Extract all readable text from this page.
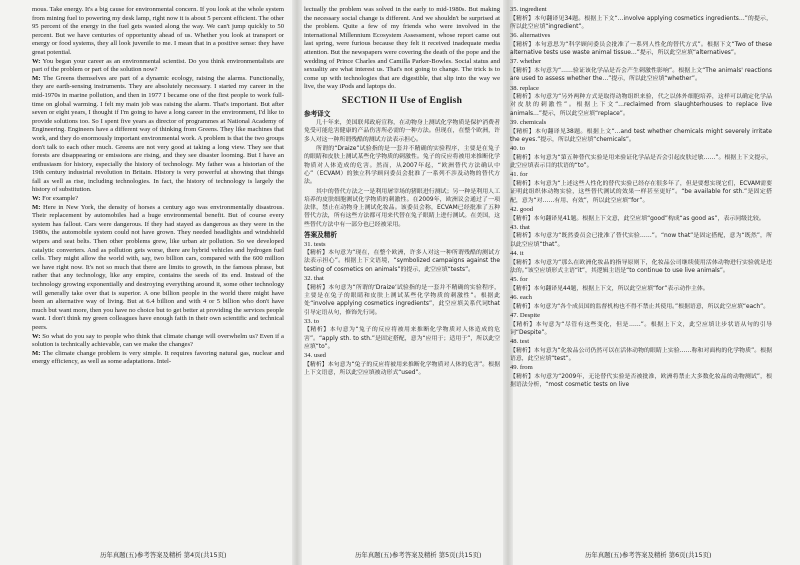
mous. Take energy. It's a big cause for environmental concern. If you look at the whole system from mining fuel to powering my desk lamp, right now it is about 5 percent efficient. The other 95 percent of the energy in the fuel gets wasted along the way. We can't jump quickly to 50 percent. But we have centuries of opportunity ahead of us. Whether you look at transport or energy or food systems, they all look juvenile to me. I mean that in a positive sense: they have great potential.

W: You began your career as an environmental scientist. Do you think environmentalists are part of the problem or part of the solution now?

M: The Greens themselves are part of a dynamic ecology, raising the alarms. Functionally, they are earth-sensing instruments. They are absolutely necessary. I started my career in the mid-1970s in marine pollution, and then in 1977 I became one of the first people to work full-time on global warming. I felt my main job was raising the alarm. That's important. But after seven or eight years, I thought if I'm going to have a long career in the environment, I'd like to provide solutions too. So I spent five years as director of programmes at National Academy of Engineering. Engineers have a different way of thinking from Greens. They like machines that work, and they do enormously important environmental work. A problem is that the two groups don't talk to each other much. Greens are not very good at taking a long view. They see that forests are disappearing or emissions are rising, and they see disaster looming. But I have an enthusiasm for history, especially the history of technology. My father was a historian of the 19th century industrial revolution in Britain. History is very powerful at showing that things fall as well as rise, including technologies. In fact, the history of technology is largely the history of substitution.

W: For example?

M: Here in New York, the density of horses a century ago was environmentally disastrous. Their replacement by automobiles had a huge environmental benefit. But of course every system has fallout. Cars were dangerous. If they had stayed as dangerous as they were in the 1980s, the automobile system could not have grown. They needed headlights and windshield wipers and seat belts. Then other problems grew, like urban air pollution. So we developed catalytic converters. And as pollution gets worse, there are hybrid vehicles and hydrogen fuel cells. They might allow the world with, say, two billion cars, compared with the 600 million we have right now. It's not so much that there are limits to growth, in the famous phrase, but rather that any technology, like any empire, contains the seeds of its end. Instead of the technology growing exponentially and destroying everything around it, some other technology will generally take over that is superior. A one billion people in the world there might have been an alternative way of living. But at 6.4 billion and with 4 or 5 billion who don't have much but want more, then you have no choice but to get better at providing the services people want. I don't think my green colleagues have enough faith in their own scientific and technical peers.

W: So what do you say to people who think that climate change will overwhelm us? Even if a solution is technically achievable, can we make the changes?

M: The climate change problem is very simple. It requires favoring natural gas, nuclear and energy efficiency, as well as some adaptations. Intel-

lectually the problem was solved in the early to mid-1980s. But making the necessary social change is different. And we shouldn't be surprised at the problem. Quite a few of my friends who were involved in the international Millennium Ecosystem Assessment, whose report came out last spring, were furious because they felt it received inadequate media attention. But the newspapers were covering the death of the pope and the wedding of Prince Charles and Camilla Parker-Bowles. Social status and sexuality are what interest us. That's not going to change. The trick is to come up with technologies that are digestible, that slip into the way we live, the way iPods and laptops do.

SECTION II Use of English
参考译文

几十年来，美国联邦政府宣称，在动物身上测试化学物质是保护消费者免受可能危害健康的产品伤害所必需的一种方法。但现在，在整个欧洲，许多人对这一种所谓残酷的测试方法表示担心。

所谓的“Draize”试验指的是一套并不精确的实验程序，主要是在兔子的眼睛和皮肤上测试某些化学物质的刺激性。兔子的反应将被用来推断化学物质对人体造成的危害。然而，从2007年起，“欧洲替代方法确认中心”（ECVAM）的独立科学顾问委员会批准了一系列不涉及动物的替代方法。

其中的替代方法之一是利用屠宰场的猪眼进行测试；另一种是利用人工培养的皮肤细胞测试化学物质的刺激性。在2009年，欧洲议会通过了一项法律，禁止在动物身上测试化妆品。该委员会称，ECVAM已经批准了五种替代方法，所有这些方法都可用来代替在兔子眼睛上进行测试。在美国，这些替代方法中有一部分也已经被采用。

答案及精析
31. tests
【精析】本句意为“现在，在整个欧洲，许多人对这一种所谓残酷的测试方法表示担心”。根据上下文语境，“symbolized campaigns against the testing of cosmetics on animals”的提示，此空应填“tests”。
32. that
【精析】本句意为“所谓的‘Draize’试验指的是一套并不精确的实验程序，主要是在兔子的眼睛和皮肤上测试某些化学物质的刺激性”。根据此处“involve applying cosmetics ingredients”，此空应填关系代词that引导定语从句，修饰先行词。
33. to
【精析】本句意为“兔子的反应将被用来推断化学物质对人体造成的危害”。“apply sth. to sth.”是固定搭配，意为“应用于；适用于”，所以此空应填“to”。
34. used
【精析】本句意为“兔子的反应将被用来推断化学物质对人体的危害”。根据上下文语意，所以此空应填被动形式“used”。
35. ingredient
【精析】本句翻译见34题。根据上下文“…involve applying cosmetics ingredients…”的提示，所以此空应填“ingredient”。
36. alternatives
【精析】本句意思为“科学顾问委员会批准了一系列人性化的替代方式”。根据下文“Two of these alternative tests use waste animal tissue…”提示，所以此空应填“alternatives”。
37. whether
【精析】本句意为“……验证该化学品是否会产生刺激性影响”。根据上文“The animals' reactions are used to assess whether the…”提示，所以此空应填“whether”。
38. replace
【精析】本句意为“另外两种方式是取得动物组织来验，代之以体外细胞培养，这样可以确定化学品对皮肤的刺激性”。根据上下文“…reclaimed from slaughterhouses to replace live animals…”提示，所以此空应填“replace”。
39. chemicals
【精析】本句翻译见38题。根据上文“…and test whether chemicals might severely irritate the eyes.”提示，所以此空应填“chemicals”。
40. to
【精析】本句意为“第五种替代实验是用来验证化学品是否会引起皮肤过敏……”。根据上下文提示，此空应填表示目的状语的“to”。
41. for
【精析】本句意为“上述这些人性化的替代实验已经存在很多年了，但是要想实现它们，ECVAM需要证明此组织体动物实验，这些替代测试的效果一样甚至更好”。“be available for sth.”是固定搭配，意为“对……有用、有效”，所以此空应填“for”。
42. good
【精析】本句翻译见41题。根据上下文意，此空应填“good”构成“as good as”，表示同级比较。
43. that
【精析】本句意为“既然委员会已批准了替代实验……”。“now that”是固定搭配，意为“既然”，所以此空应填“that”。
44. it
【精析】本句意为“那么在欧洲化妆品的指导原则下，化妆品公司继续使用活体动物进行实验就是违法的。”该空应填形式主语“it”，其逻辑主语是“to continue to use live animals”。
45. for
【精析】本句翻译见44题，根据上下文，所以此空应填“for”表示动作主体。
46. each
【精析】本句意为“各个成员国的监督机构也不得不禁止其使用。”根据语意，所以此空应填“each”。
47. Despite
【精析】本句意为“尽管有这些变化，但是……”。根据上下文，此空应填让步状语从句的引导词“Despite”。
48. test
【精析】本句意为“化妆品公司仍然可以在活体动物的眼睛上实验……称和对面构的化学物质”。根据语意，此空应填“test”。
49. from
【精析】本句意为“2009年，无论替代实验是否被批准，欧洲将禁止大多数化妆品的动物测试”，根据语法分析，“most cosmetic tests on live
历年真题(五)参考答案及精析 第4页(共15页)	历年真题(五)参考答案及精析 第5页(共15页)	历年真题(五)参考答案及精析 第6页(共15页)
